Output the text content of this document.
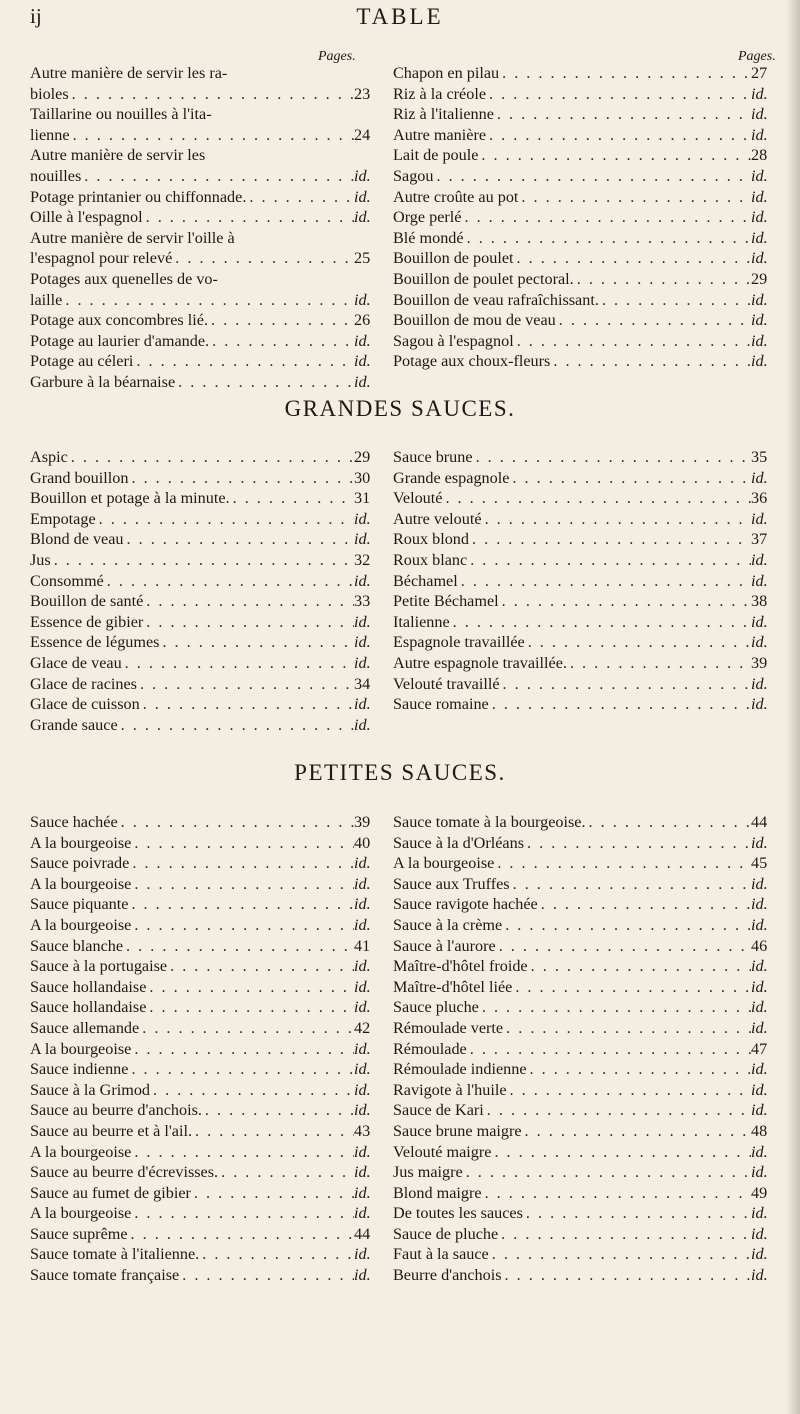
ij	TABLE
Pages.	Pages.
Autre manière de servir les ra-
bioles . . .	23
Taillarine ou nouilles à l'ita-
lienne . . .	24
Autre manière de servir les
nouilles . . .	id.
Potage printanier ou chiffonnade. . . .	id.
Oille à l'espagnol . . .	id.
Autre manière de servir l'oille à
l'espagnol pour relevé . . .	25
Potages aux quenelles de vo-
laille . . .	id.
Potage aux concombres lié. . . .	26
Potage au laurier d'amande. . . .	id.
Potage au céleri . . .	id.
Garbure à la béarnaise . . .	id.
Chapon en pilau . . .	27
Riz à la créole . . .	id.
Riz à l'italienne . . .	id.
Autre manière . . .	id.
Lait de poule . . .	28
Sagou . . .	id.
Autre croûte au pot . . .	id.
Orge perlé . . .	id.
Blé mondé . . .	id.
Bouillon de poulet . . .	id.
Bouillon de poulet pectoral. . . .	29
Bouillon de veau rafraîchissant. . . .	id.
Bouillon de mou de veau . . .	id.
Sagou à l'espagnol . . .	id.
Potage aux choux-fleurs . . .	id.
GRANDES SAUCES.
Aspic . . .	29
Grand bouillon . . .	30
Bouillon et potage à la minute. . . .	31
Empotage . . .	id.
Blond de veau . . .	id.
Jus . . .	32
Consommé . . .	id.
Bouillon de santé . . .	33
Essence de gibier . . .	id.
Essence de légumes . . .	id.
Glace de veau . . .	id.
Glace de racines . . .	34
Glace de cuisson . . .	id.
Grande sauce . . .	id.
Sauce brune . . .	35
Grande espagnole . . .	id.
Velouté . . .	36
Autre velouté . . .	id.
Roux blond . . .	37
Roux blanc . . .	id.
Béchamel . . .	id.
Petite Béchamel . . .	38
Italienne . . .	id.
Espagnole travaillée . . .	id.
Autre espagnole travaillée. . . .	39
Velouté travaillé . . .	id.
Sauce romaine . . .	id.
PETITES SAUCES.
Sauce hachée . . .	39
A la bourgeoise . . .	40
Sauce poivrade . . .	id.
A la bourgeoise . . .	id.
Sauce piquante . . .	id.
A la bourgeoise . . .	id.
Sauce blanche . . .	41
Sauce à la portugaise . . .	id.
Sauce hollandaise . . .	id.
Sauce hollandaise . . .	id.
Sauce allemande . . .	42
A la bourgeoise . . .	id.
Sauce indienne . . .	id.
Sauce à la Grimod . . .	id.
Sauce au beurre d'anchois. . . .	id.
Sauce au beurre et à l'ail. . . .	43
A la bourgeoise . . .	id.
Sauce au beurre d'écrevisses. . . .	id.
Sauce au fumet de gibier . . .	id.
A la bourgeoise . . .	id.
Sauce suprême . . .	44
Sauce tomate à l'italienne. . . .	id.
Sauce tomate française . . .	id.
Sauce tomate à la bourgeoise. . . .	44
Sauce à la d'Orléans . . .	id.
A la bourgeoise . . .	45
Sauce aux Truffes . . .	id.
Sauce ravigote hachée . . .	id.
Sauce à la crème . . .	id.
Sauce à l'aurore . . .	46
Maître-d'hôtel froide . . .	id.
Maître-d'hôtel liée . . .	id.
Sauce pluche . . .	id.
Rémoulade verte . . .	id.
Rémoulade . . .	47
Rémoulade indienne . . .	id.
Ravigote à l'huile . . .	id.
Sauce de Kari . . .	id.
Sauce brune maigre . . .	48
Velouté maigre . . .	id.
Jus maigre . . .	id.
Blond maigre . . .	49
De toutes les sauces . . .	id.
Sauce de pluche . . .	id.
Faut à la sauce . . .	id.
Beurre d'anchois . . .	id.
